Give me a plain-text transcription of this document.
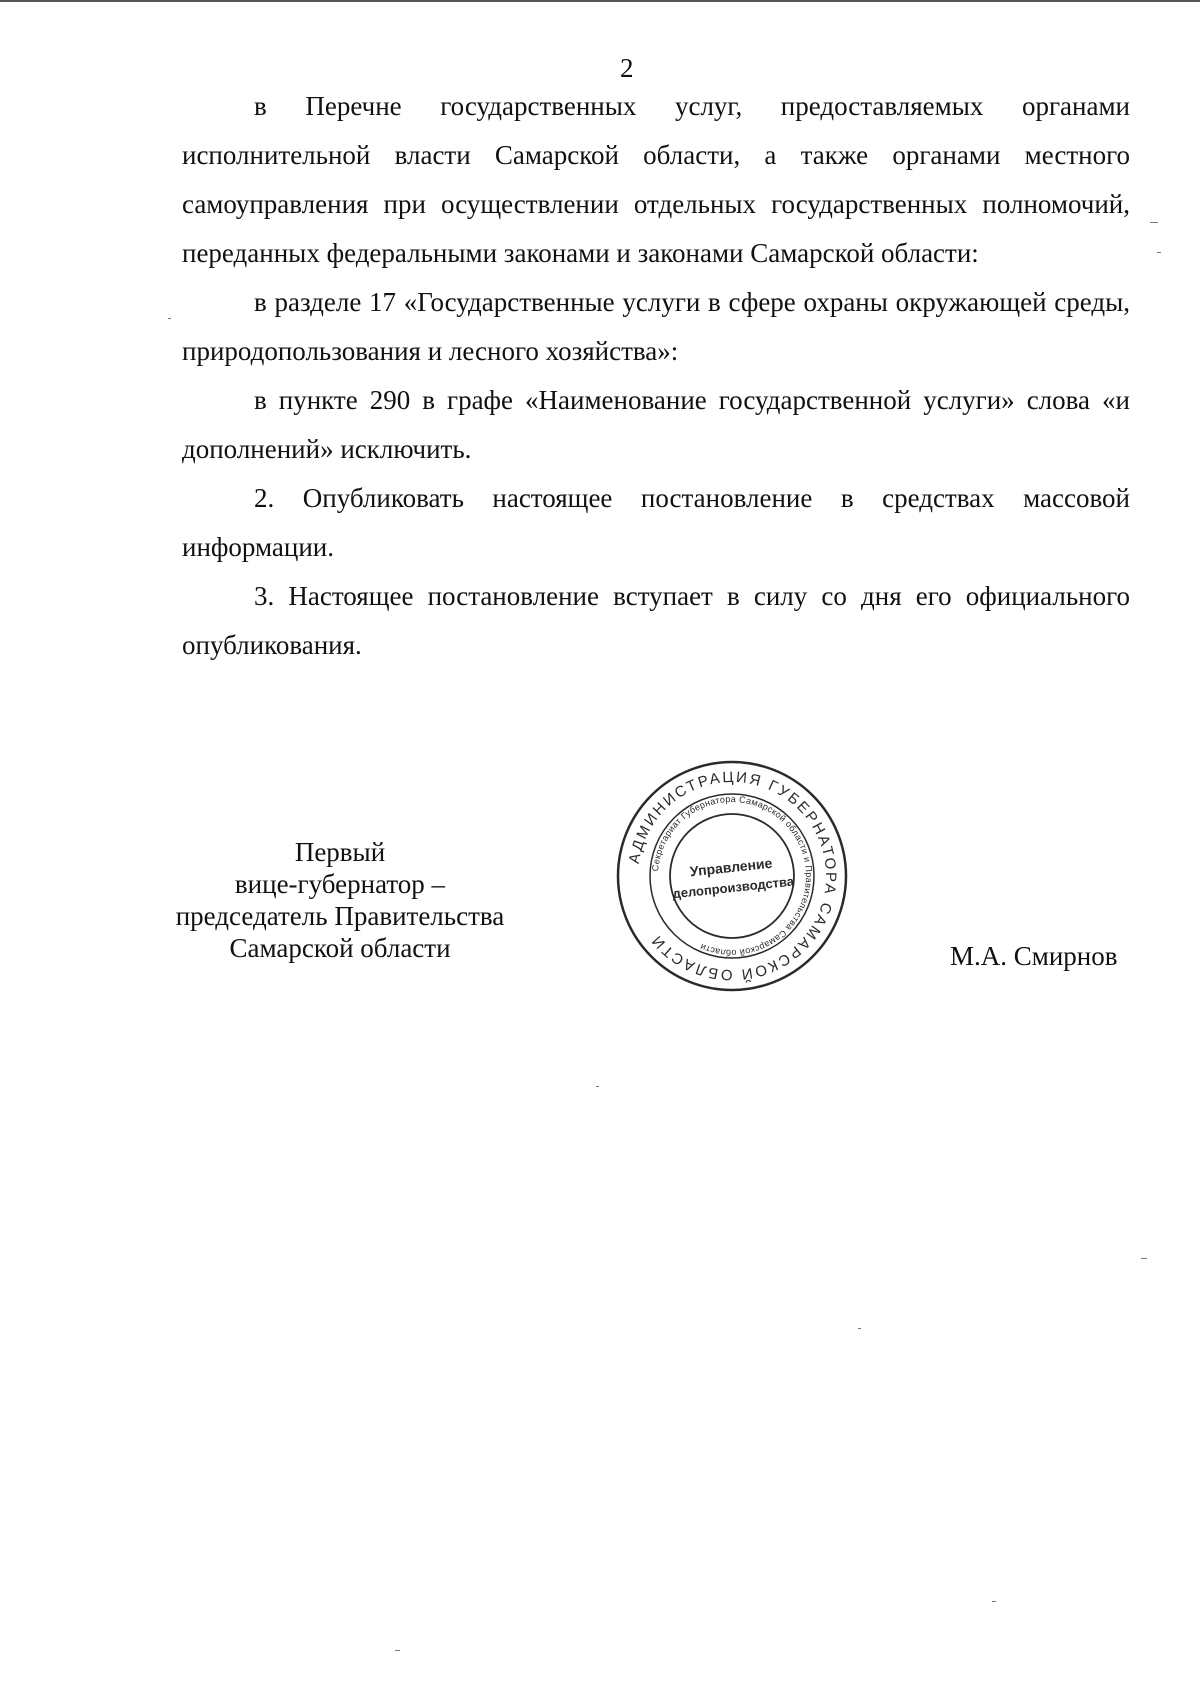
2

в Перечне государственных услуг, предоставляемых органами исполнительной власти Самарской области, а также органами местного самоуправления при осуществлении отдельных государственных полномочий, переданных федеральными законами и законами Самарской области:

в разделе 17 «Государственные услуги в сфере охраны окружающей среды, природопользования и лесного хозяйства»:

в пункте 290 в графе «Наименование государственной услуги» слова «и дополнений» исключить.

2. Опубликовать настоящее постановление в средствах массовой информации.

3. Настоящее постановление вступает в силу со дня его официального опубликования.

Первый
вице-губернатор –
председатель Правительства
Самарской области
АДМИНИСТРАЦИЯ ГУБЕРНАТОРА САМАРСКОЙ ОБЛАСТИ
Секретариат Губернатора Самарской области и Правительства Самарской области
Управление
делопроизводства
М.А. Смирнов
